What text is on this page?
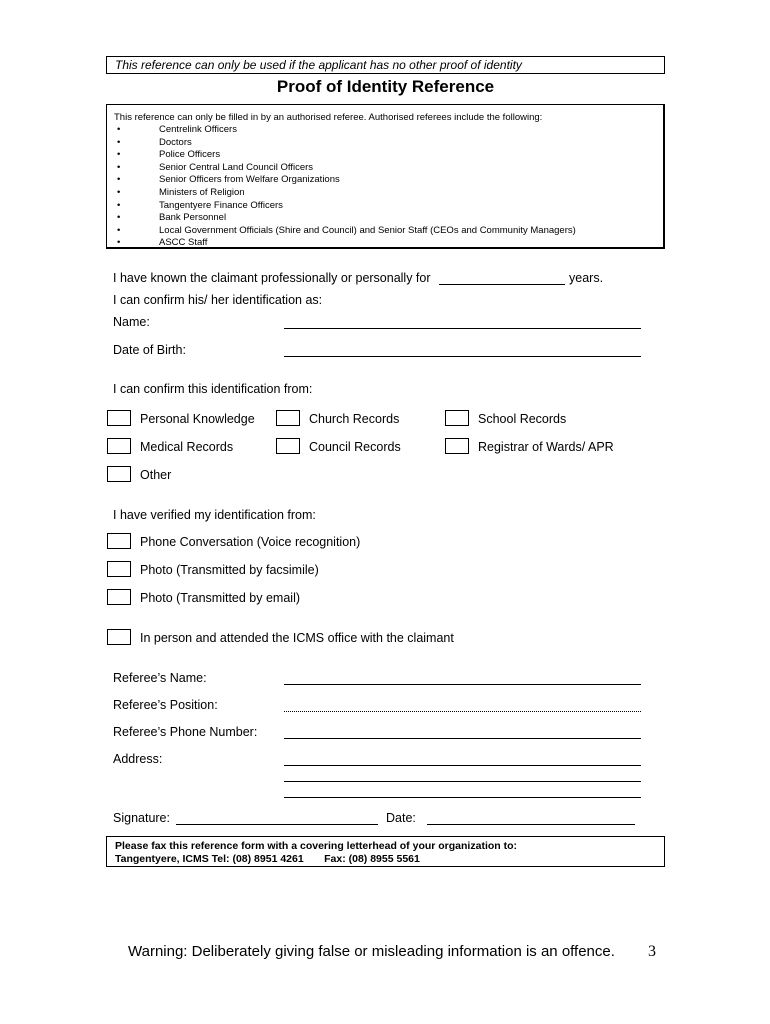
This reference can only be used if the applicant has no other proof of identity
Proof of Identity Reference
This reference can only be filled in by an authorised referee. Authorised referees include the following:
•	Centrelink Officers
•	Doctors
•	Police Officers
•	Senior Central Land Council Officers
•	Senior Officers from Welfare Organizations
•	Ministers of Religion
•	Tangentyere Finance Officers
•	Bank Personnel
•	Local Government Officials (Shire and Council) and Senior Staff (CEOs and Community Managers)
•	ASCC Staff
I have known the claimant professionally or personally for	years.
I can confirm his/ her identification as:
Name:
Date of Birth:
I can confirm this identification from:
Personal Knowledge	Church Records	School Records
Medical Records	Council Records	Registrar of Wards/ APR
Other
I have verified my identification from:
Phone Conversation (Voice recognition)
Photo (Transmitted by facsimile)
Photo (Transmitted by email)
In person and attended the ICMS office with the claimant
Referee’s Name:
Referee’s Position:
Referee’s Phone Number:
Address:
Signature:	Date:
Please fax this reference form with a covering letterhead of your organization to:
Tangentyere, ICMS Tel: (08) 8951 4261       Fax: (08) 8955 5561
Warning: Deliberately giving false or misleading information is an offence. 3
